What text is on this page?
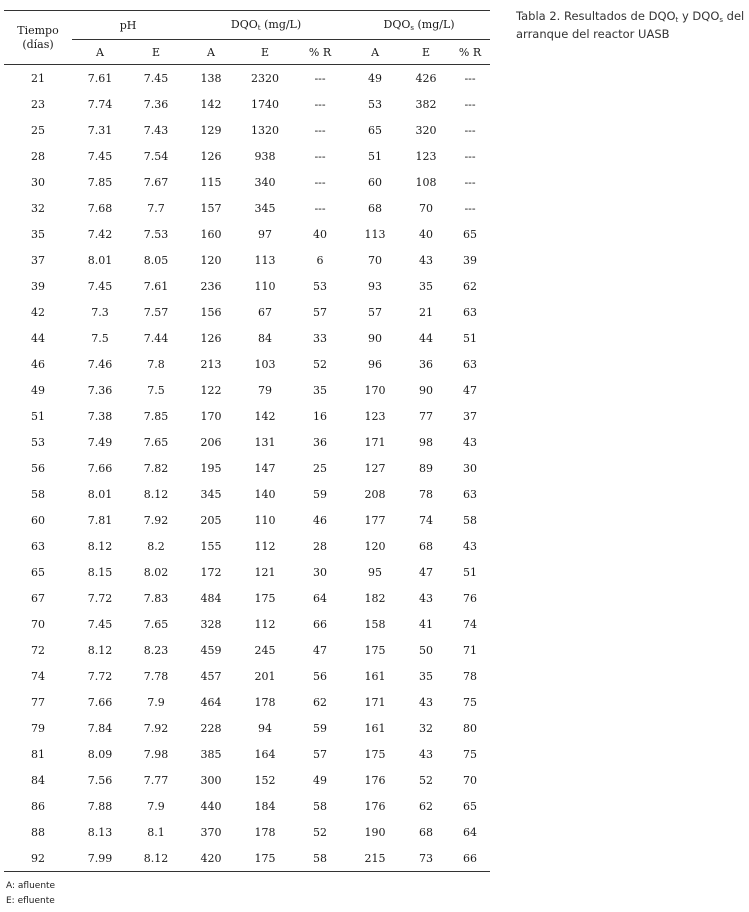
Tiempo
(días)	pH		$DQO_t$ (mg/L)			$DQO_s$ (mg/L)		
	A	E	A	E	% R	A	E	% R
21	7.61	7.45	138	2320	---	49	426	---
23	7.74	7.36	142	1740	---	53	382	---
25	7.31	7.43	129	1320	---	65	320	---
28	7.45	7.54	126	938	---	51	123	---
30	7.85	7.67	115	340	---	60	108	---
32	7.68	7.7	157	345	---	68	70	---
35	7.42	7.53	160	97	40	113	40	65
37	8.01	8.05	120	113	6	70	43	39
39	7.45	7.61	236	110	53	93	35	62
42	7.3	7.57	156	67	57	57	21	63
44	7.5	7.44	126	84	33	90	44	51
46	7.46	7.8	213	103	52	96	36	63
49	7.36	7.5	122	79	35	170	90	47
51	7.38	7.85	170	142	16	123	77	37
53	7.49	7.65	206	131	36	171	98	43
56	7.66	7.82	195	147	25	127	89	30
58	8.01	8.12	345	140	59	208	78	63
60	7.81	7.92	205	110	46	177	74	58
63	8.12	8.2	155	112	28	120	68	43
65	8.15	8.02	172	121	30	95	47	51
67	7.72	7.83	484	175	64	182	43	76
70	7.45	7.65	328	112	66	158	41	74
72	8.12	8.23	459	245	47	175	50	71
74	7.72	7.78	457	201	56	161	35	78
77	7.66	7.9	464	178	62	171	43	75
79	7.84	7.92	228	94	59	161	32	80
81	8.09	7.98	385	164	57	175	43	75
84	7.56	7.77	300	152	49	176	52	70
86	7.88	7.9	440	184	58	176	62	65
88	8.13	8.1	370	178	52	190	68	64
92	7.99	8.12	420	175	58	215	73	66
Tabla 2. Resultados de $DQO_t$ y $DQO_s$ del arranque del reactor UASB
A: afluente
E: efluente
